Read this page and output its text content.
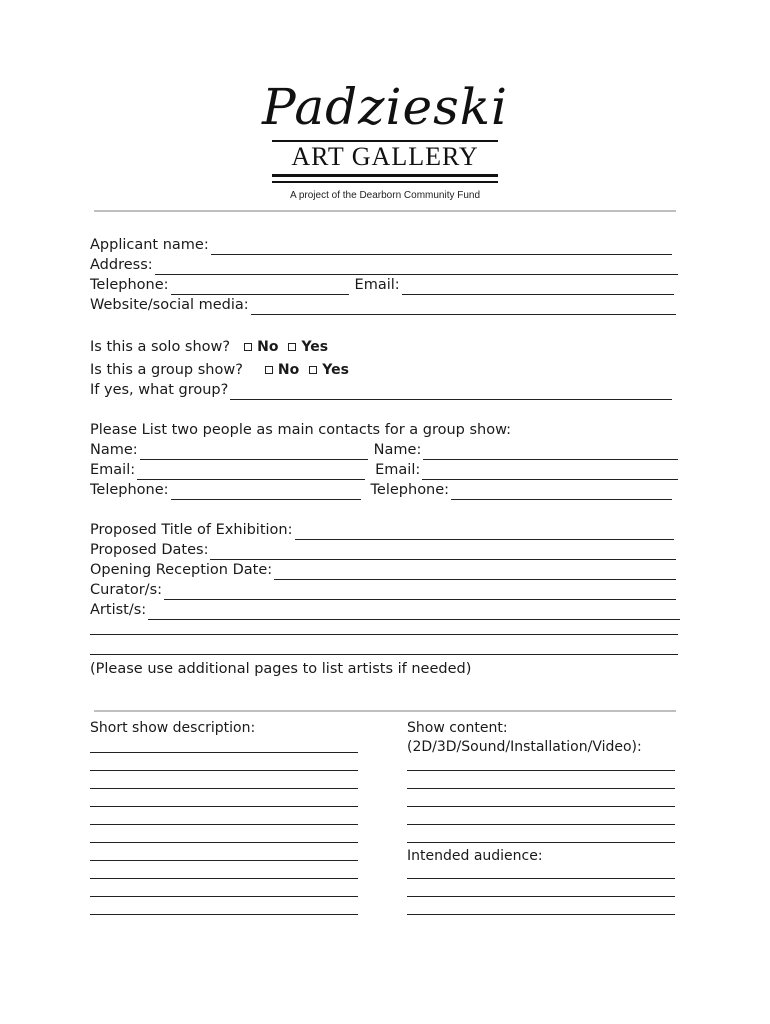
Padzieski
ART GALLERY
A project of the Dearborn Community Fund
Applicant name:
Address:
Telephone:	Email:
Website/social media:
Is this a solo show? No Yes
Is this a group show?	No Yes
If yes, what group?
Please List two people as main contacts for a group show:
Name:	Name:
Email:	Email:
Telephone:	Telephone:
Proposed Title of Exhibition:
Proposed Dates:
Opening Reception Date:
Curator/s:
Artist/s:
(Please use additional pages to list artists if needed)
Short show description:	Show content:
(2D/3D/Sound/Installation/Video):
Intended audience:
